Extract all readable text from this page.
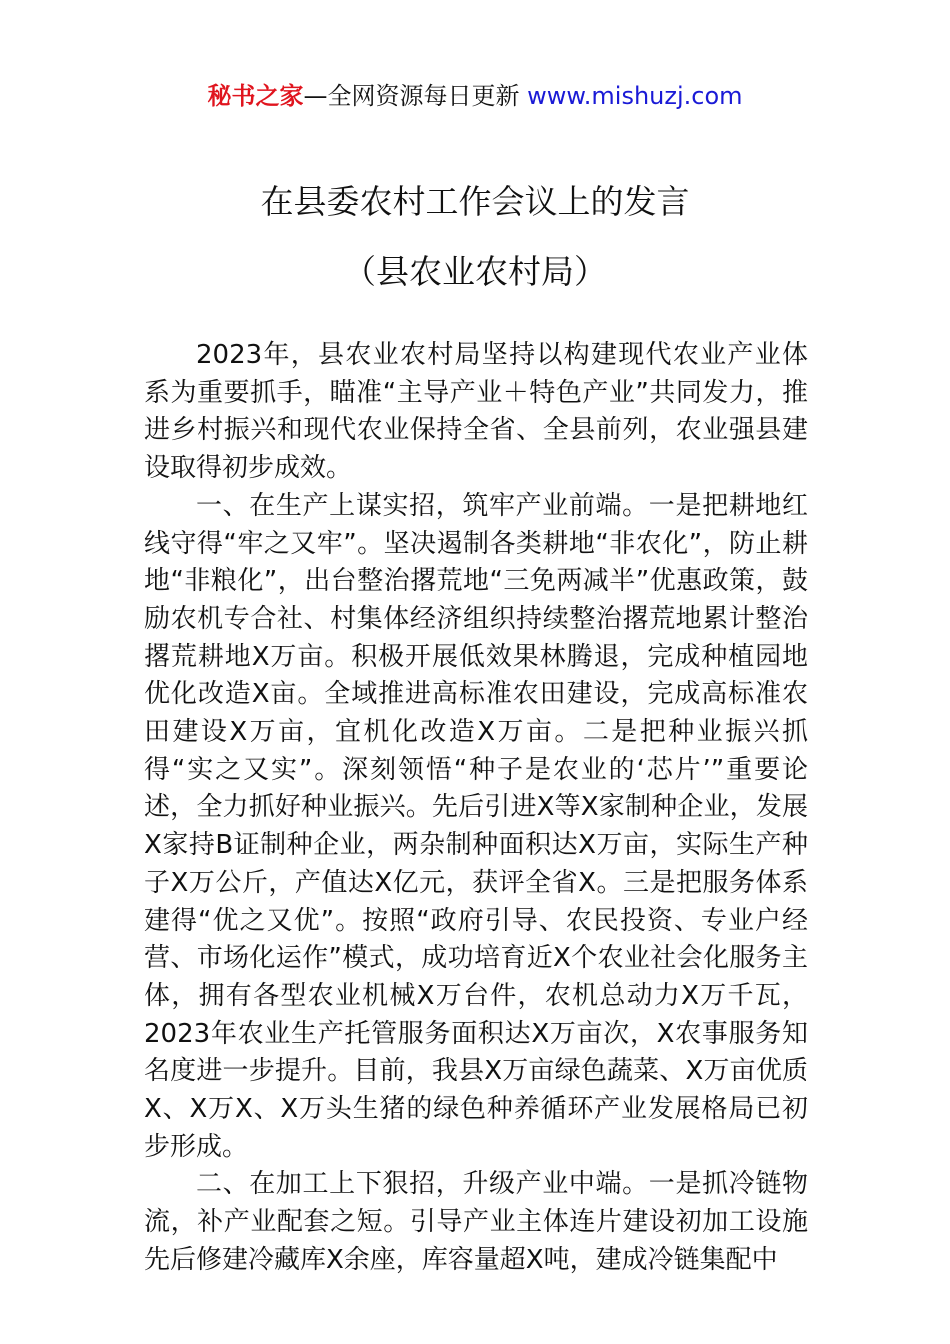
秘书之家—全网资源每日更新 www.mishuzj.com
在县委农村工作会议上的发言
（县农业农村局）

2023年，县农业农村局坚持以构建现代农业产业体系为重要抓手，瞄准“主导产业＋特色产业”共同发力，推进乡村振兴和现代农业保持全省、全县前列，农业强县建设取得初步成效。

一、在生产上谋实招，筑牢产业前端。一是把耕地红线守得“牢之又牢”。坚决遏制各类耕地“非农化”，防止耕地“非粮化”，出台整治撂荒地“三免两减半”优惠政策，鼓励农机专合社、村集体经济组织持续整治撂荒地累计整治撂荒耕地X万亩。积极开展低效果林腾退，完成种植园地优化改造X亩。全域推进高标准农田建设，完成高标准农田建设X万亩，宜机化改造X万亩。二是把种业振兴抓得“实之又实”。深刻领悟“种子是农业的‘芯片’”重要论述，全力抓好种业振兴。先后引进X等X家制种企业，发展X家持B证制种企业，两杂制种面积达X万亩，实际生产种子X万公斤，产值达X亿元，获评全省X。三是把服务体系建得“优之又优”。按照“政府引导、农民投资、专业户经营、市场化运作”模式，成功培育近X个农业社会化服务主体，拥有各型农业机械X万台件，农机总动力X万千瓦，2023年农业生产托管服务面积达X万亩次，X农事服务知名度进一步提升。目前，我县X万亩绿色蔬菜、X万亩优质X、X万X、X万头生猪的绿色种养循环产业发展格局已初步形成。

二、在加工上下狠招，升级产业中端。一是抓冷链物流，补产业配套之短。引导产业主体连片建设初加工设施先后修建冷藏库X余座，库容量超X吨，建成冷链集配中
